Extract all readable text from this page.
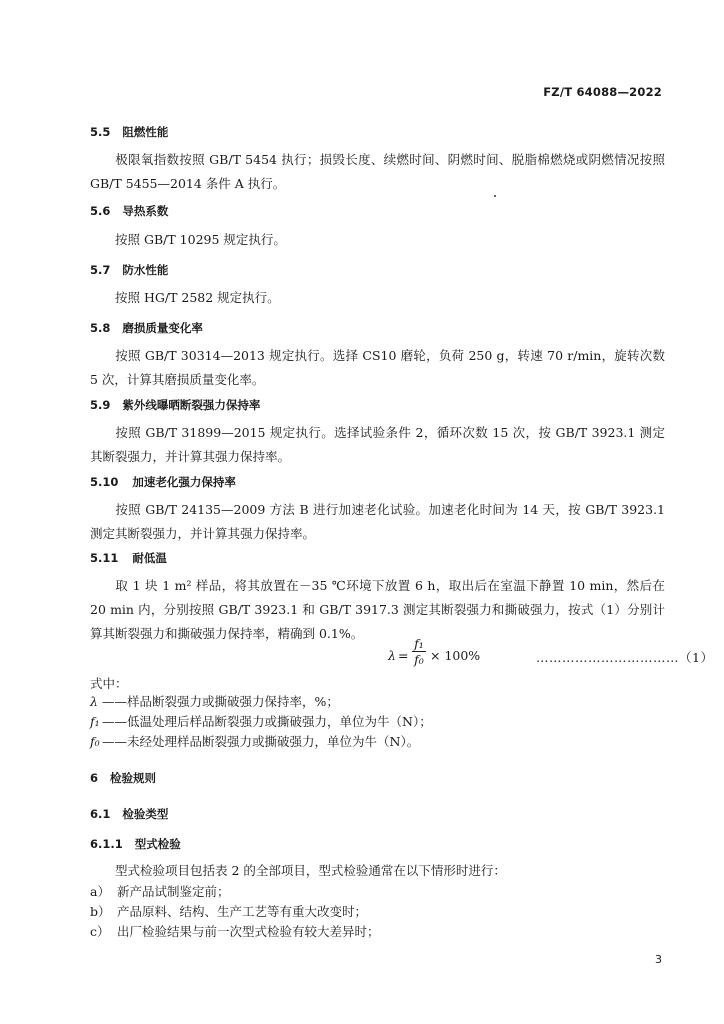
FZ/T 64088—2022
5.5 阻燃性能
极限氧指数按照 GB/T 5454 执行；损毁长度、续燃时间、阴燃时间、脱脂棉燃烧或阴燃情况按照 GB/T 5455—2014 条件 A 执行。
5.6 导热系数
按照 GB/T 10295 规定执行。
5.7 防水性能
按照 HG/T 2582 规定执行。
5.8 磨损质量变化率
按照 GB/T 30314—2013 规定执行。选择 CS10 磨轮，负荷 250 g，转速 70 r/min，旋转次数 5 次，计算其磨损质量变化率。
5.9 紫外线曝晒断裂强力保持率
按照 GB/T 31899—2015 规定执行。选择试验条件 2，循环次数 15 次，按 GB/T 3923.1 测定其断裂强力，并计算其强力保持率。
5.10 加速老化强力保持率
按照 GB/T 24135—2009 方法 B 进行加速老化试验。加速老化时间为 14 天，按 GB/T 3923.1 测定其断裂强力，并计算其强力保持率。
5.11 耐低温
取 1 块 1 m² 样品，将其放置在－35 ℃环境下放置 6 h，取出后在室温下静置 10 min，然后在 20 min 内，分别按照 GB/T 3923.1 和 GB/T 3917.3 测定其断裂强力和撕破强力，按式（1）分别计算其断裂强力和撕破强力保持率，精确到 0.1%。
λ =
f₁
f₀ × 100%	……………………………（1）
式中：
λ ——样品断裂强力或撕破强力保持率，%；
f₁ ——低温处理后样品断裂强力或撕破强力，单位为牛（N）；
f₀ ——未经处理样品断裂强力或撕破强力，单位为牛（N）。
6 检验规则
6.1 检验类型
6.1.1 型式检验
型式检验项目包括表 2 的全部项目，型式检验通常在以下情形时进行：
a） 新产品试制鉴定前；
b） 产品原料、结构、生产工艺等有重大改变时；
c） 出厂检验结果与前一次型式检验有较大差异时；
3
